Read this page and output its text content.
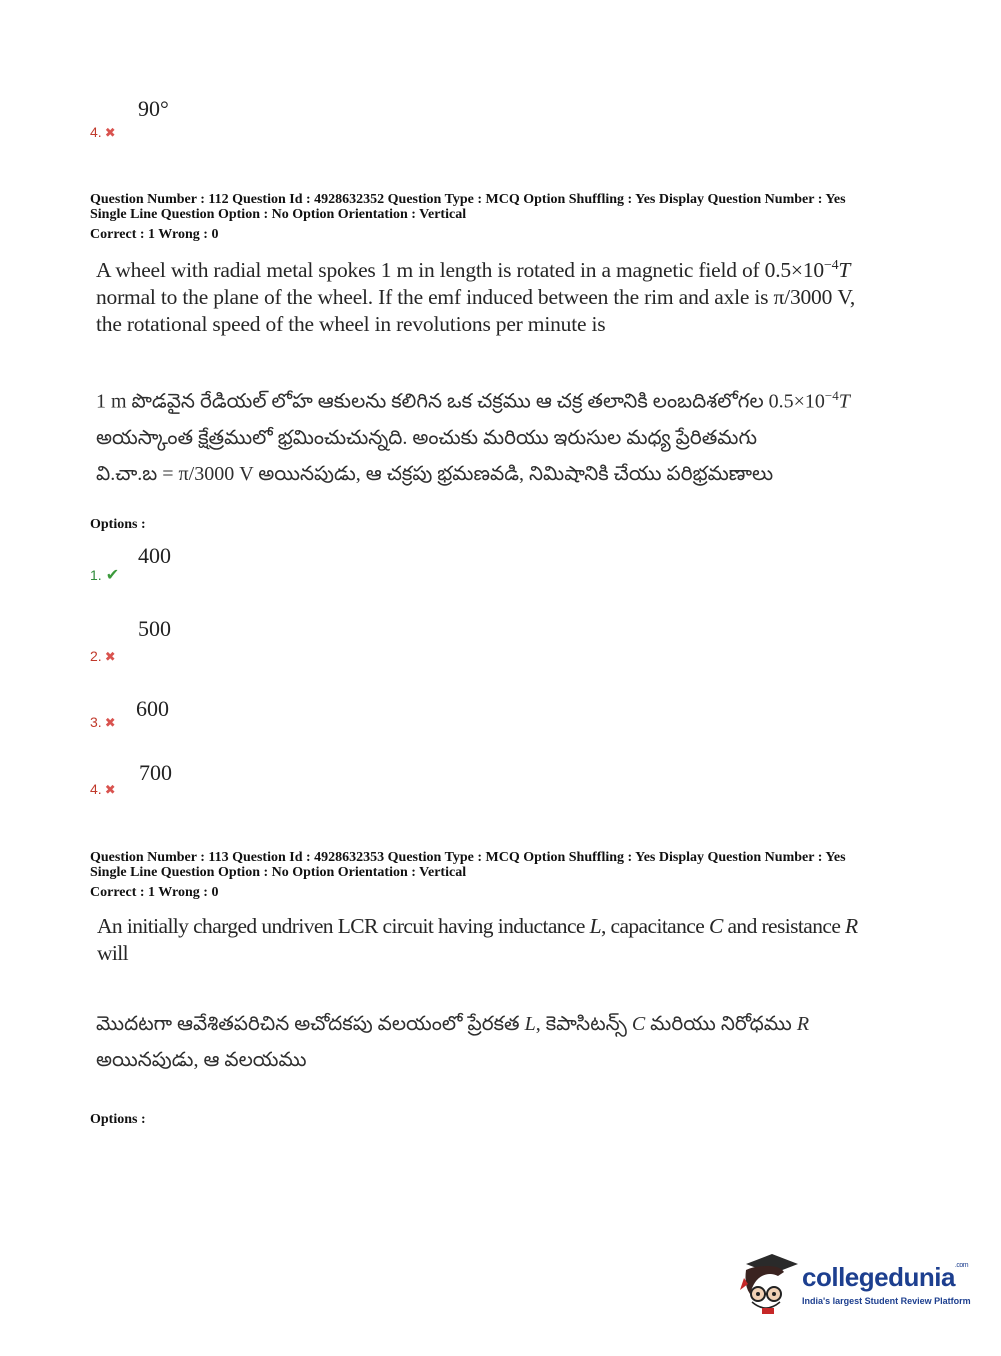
4. ✖
90°
Question Number : 112 Question Id : 4928632352 Question Type : MCQ Option Shuffling : Yes Display Question Number : Yes
Single Line Question Option : No Option Orientation : Vertical
Correct : 1 Wrong : 0
A wheel with radial metal spokes 1 m in length is rotated in a magnetic field of $0.5\times 10^{-4}T$
normal to the plane of the wheel. If the emf induced between the rim and axle is π/3000 V,
the rotational speed of the wheel in revolutions per minute is
1 m పొడవైన రేడియల్ లోహ ఆకులను కలిగిన ఒక చక్రము ఆ చక్ర తలానికి లంబదిశలోగల $0.5\times 10^{-4}T$
అయస్కాంత క్షేత్రములో భ్రమించుచున్నది. అంచుకు మరియు ఇరుసుల మధ్య ప్రేరితమగు
వి.చా.బ = π/3000 V అయినపుడు, ఆ చక్రపు భ్రమణవడి, నిమిషానికి చేయు పరిభ్రమణాలు
Options :
400
1. ✔
500
2. ✖
600
3. ✖
700
4. ✖
Question Number : 113 Question Id : 4928632353 Question Type : MCQ Option Shuffling : Yes Display Question Number : Yes
Single Line Question Option : No Option Orientation : Vertical
Correct : 1 Wrong : 0
An initially charged undriven LCR circuit having inductance L, capacitance C and resistance R
will
మొదటగా ఆవేశితపరిచిన అచోదకపు వలయంలో ప్రేరకత L, కెపాసిటన్స్ C మరియు నిరోధము R
అయినపుడు, ఆ వలయము
Options :
collegedunia$^{.com}$
India's largest Student Review Platform
